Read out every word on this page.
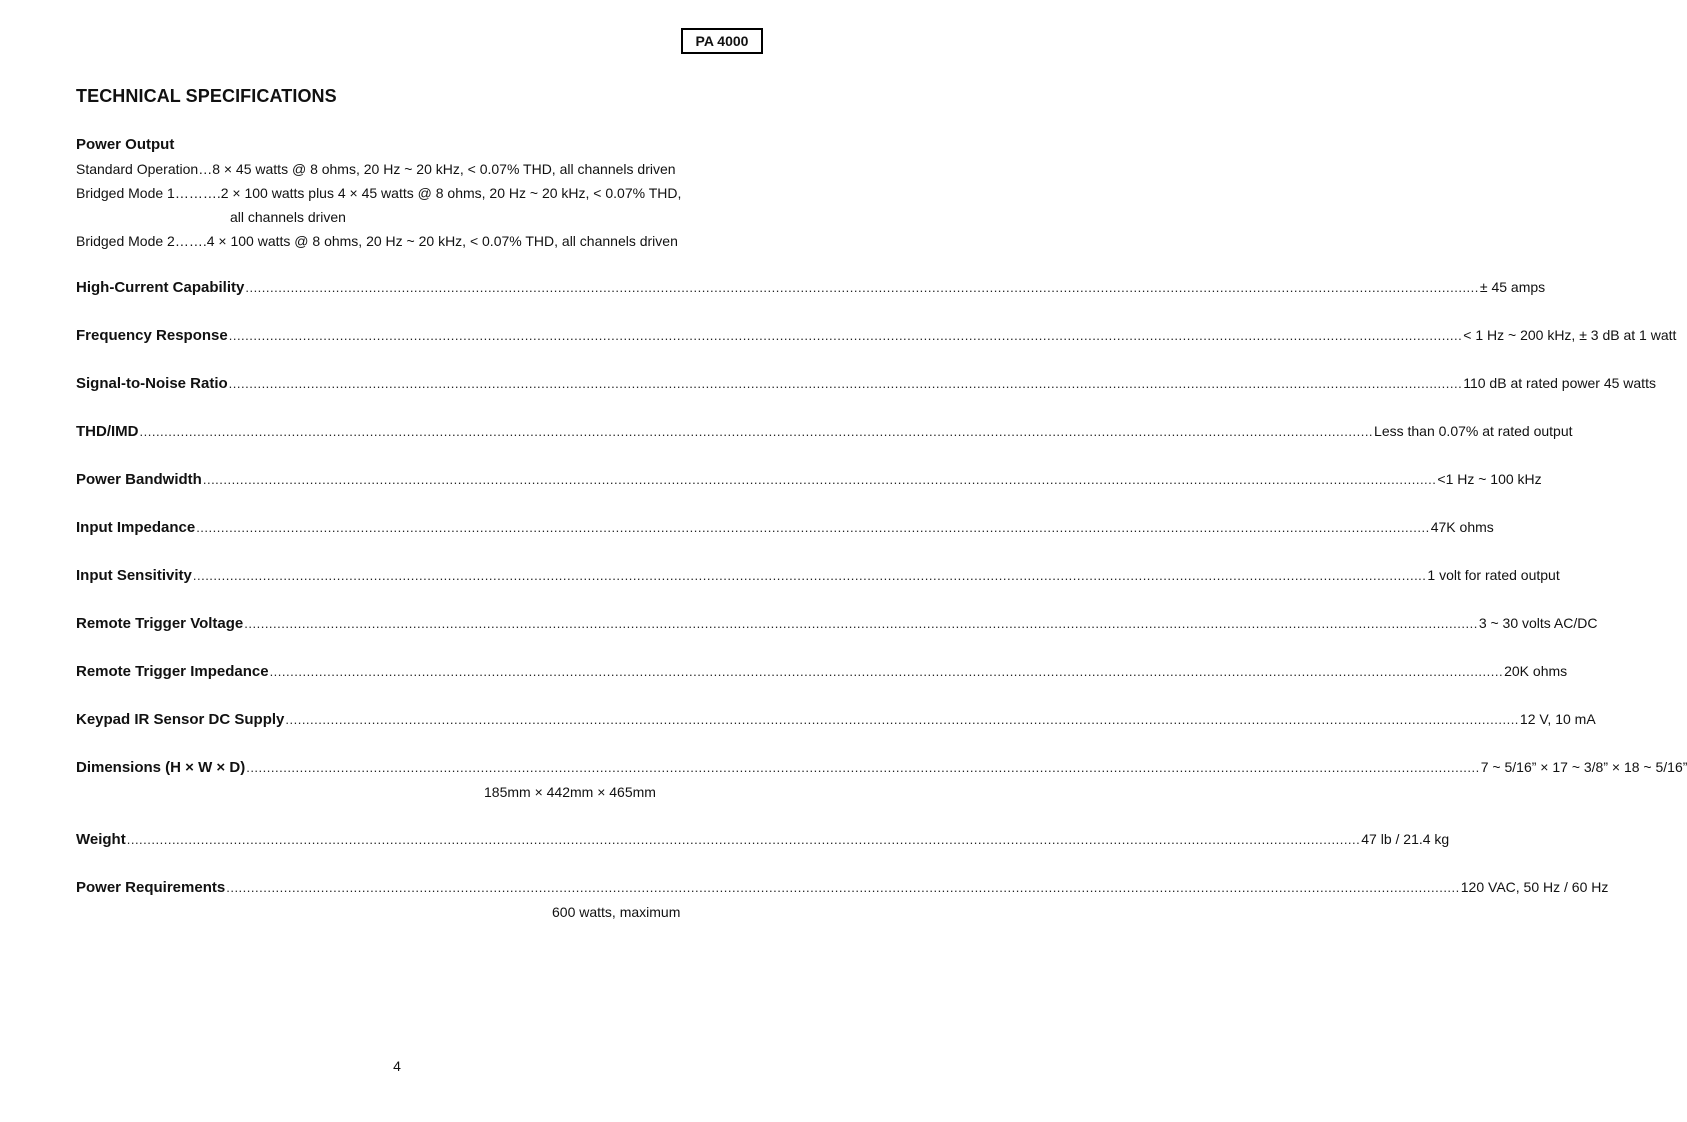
PA 4000
TECHNICAL SPECIFICATIONS
Power Output
Standard Operation…8 × 45 watts @ 8 ohms, 20 Hz ~ 20 kHz, < 0.07% THD, all channels driven
Bridged Mode 1……….2 × 100 watts plus 4 × 45 watts @ 8 ohms, 20 Hz ~ 20 kHz, < 0.07% THD,
all channels driven
Bridged Mode 2…….4 × 100 watts @ 8 ohms, 20 Hz ~ 20 kHz, < 0.07% THD, all channels driven
High-Current Capability ............................................................................................................................................................................................................................................................................................................ ± 45 amps
Frequency Response ............................................................................................................................................................................................................................................................................................................ < 1 Hz ~ 200 kHz, ± 3 dB at 1 watt
Signal-to-Noise Ratio ............................................................................................................................................................................................................................................................................................................ 110 dB at rated power 45 watts
THD/IMD ............................................................................................................................................................................................................................................................................................................ Less than 0.07% at rated output
Power Bandwidth ............................................................................................................................................................................................................................................................................................................ <1 Hz ~ 100 kHz
Input Impedance ............................................................................................................................................................................................................................................................................................................ 47K ohms
Input Sensitivity ............................................................................................................................................................................................................................................................................................................ 1 volt for rated output
Remote Trigger Voltage ............................................................................................................................................................................................................................................................................................................ 3 ~ 30 volts AC/DC
Remote Trigger Impedance ............................................................................................................................................................................................................................................................................................................ 20K ohms
Keypad IR Sensor DC Supply ............................................................................................................................................................................................................................................................................................................ 12 V, 10 mA
Dimensions (H × W × D) ............................................................................................................................................................................................................................................................................................................ 7 ~ 5/16” × 17 ~ 3/8” × 18 ~ 5/16”
185mm × 442mm × 465mm
Weight ............................................................................................................................................................................................................................................................................................................ 47 lb / 21.4 kg
Power Requirements ............................................................................................................................................................................................................................................................................................................ 120 VAC, 50 Hz / 60 Hz
600 watts, maximum
4
